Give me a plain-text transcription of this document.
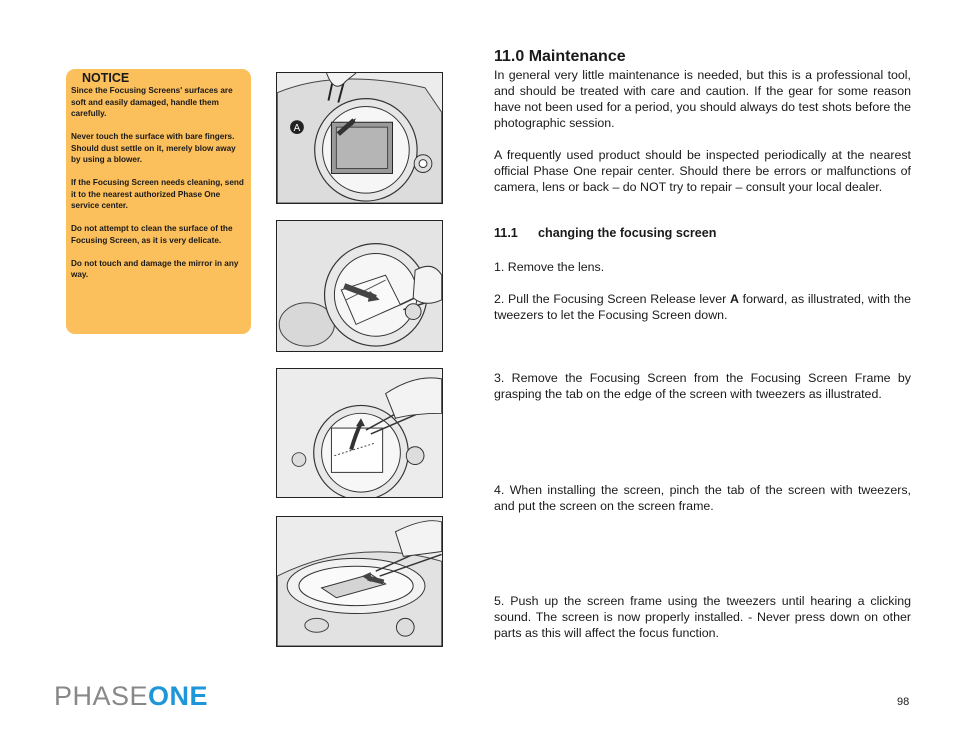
NOTICE

Since the Focusing Screens' surfaces are soft and easily damaged, handle them carefully.

Never touch the surface with bare fingers. Should dust settle on it, merely blow away by using a blower.

If the Focusing Screen needs cleaning, send it to the nearest authorized Phase One service center.

Do not attempt to clean the surface of the Focusing Screen, as it is very delicate.

Do not touch and damage the mirror in any way.

A
11.0 Maintenance

In general very little maintenance is needed, but this is a professional tool, and should be treated with care and caution. If the gear for some reason have not been used for a period, you should always do test shots before the photographic session.

A frequently used product should be inspected periodically at the nearest official Phase One repair center. Should there be errors or malfunctions of camera, lens or back – do NOT try to repair – consult your local dealer.

11.1 changing the focusing screen

1. Remove the lens.

2. Pull the Focusing Screen Release lever A forward, as illustrated, with the tweezers to let the Focusing Screen down.

3. Remove the Focusing Screen from the Focusing Screen Frame by grasping the tab on the edge of the screen with tweezers as illustrated.

4. When installing the screen, pinch the tab of the screen with tweezers, and put the screen on the screen frame.

5. Push up the screen frame using the tweezers until hearing a clicking sound. The screen is now properly installed. - Never press down on other parts as this will affect the focus function.

PHASEONE	98
